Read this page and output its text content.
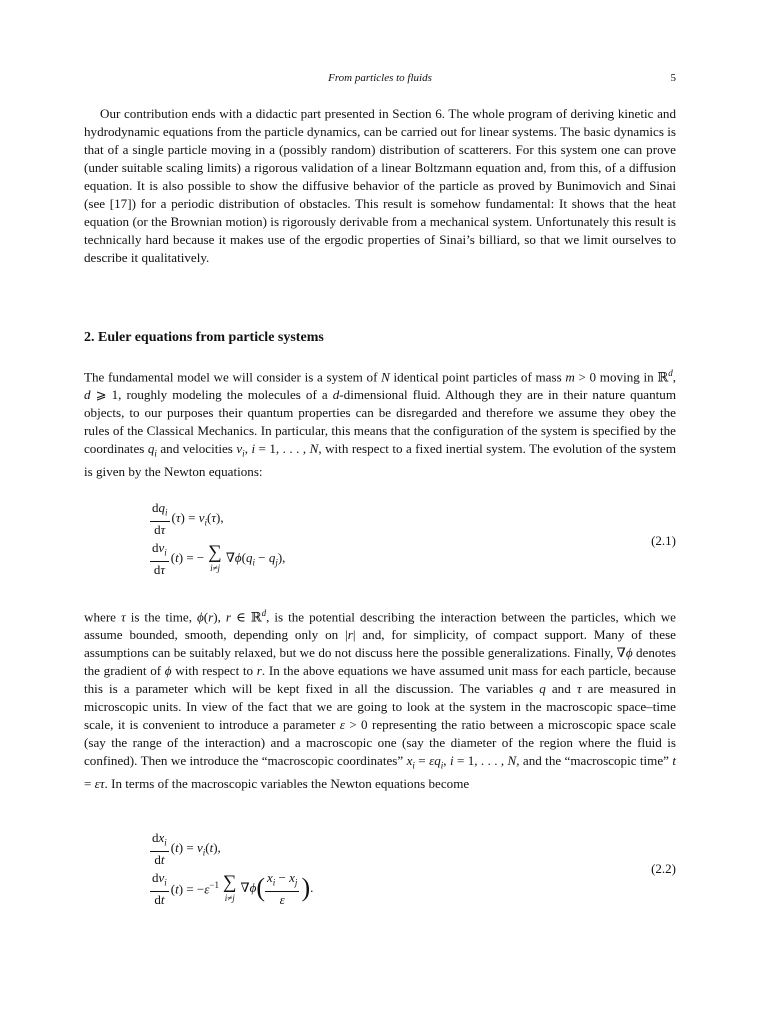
From particles to fluids	5

Our contribution ends with a didactic part presented in Section 6. The whole program of deriving kinetic and hydrodynamic equations from the particle dynamics, can be carried out for linear systems. The basic dynamics is that of a single particle moving in a (possibly random) distribution of scatterers. For this system one can prove (under suitable scaling limits) a rigorous validation of a linear Boltzmann equation and, from this, of a diffusion equation. It is also possible to show the diffusive behavior of the particle as proved by Bunimovich and Sinai (see [17]) for a periodic distribution of obstacles. This result is somehow fundamental: It shows that the heat equation (or the Brownian motion) is rigorously derivable from a mechanical system. Unfortunately this result is technically hard because it makes use of the ergodic properties of Sinai’s billiard, so that we limit ourselves to describe it qualitatively.

2. Euler equations from particle systems

The fundamental model we will consider is a system of N identical point particles of mass m > 0 moving in ℝ$^d$, d ⩾ 1, roughly modeling the molecules of a d-dimensional fluid. Although they are in their nature quantum objects, to our purposes their quantum properties can be disregarded and therefore we assume they obey the rules of the Classical Mechanics. In particular, this means that the configuration of the system is specified by the coordinates $q_i$ and velocities $v_i$, i = 1, . . . , N, with respect to a fixed inertial system. The evolution of the system is given by the Newton equations:

$\frac{dq_i}{d\tau} (\tau) = v_i(\tau)$,
$\frac{dv_i}{d\tau} (t)$ = − ∑
i≠j
$\nabla\phi(q_i - q_j)$,
(2.1)

where τ is the time, ϕ(r), r ∈ ℝ$^d$, is the potential describing the interaction between the particles, which we assume bounded, smooth, depending only on |r| and, for simplicity, of compact support. Many of these assumptions can be suitably relaxed, but we do not discuss here the possible generalizations. Finally, ∇ϕ denotes the gradient of ϕ with respect to r. In the above equations we have assumed unit mass for each particle, because this is a parameter which will be kept fixed in all the discussion. The variables q and τ are measured in microscopic units. In view of the fact that we are going to look at the system in the macroscopic space–time scale, it is convenient to introduce a parameter ε > 0 representing the ratio between a microscopic space scale (say the range of the interaction) and a macroscopic one (say the diameter of the region where the fluid is confined). Then we introduce the “macroscopic coordinates” $x_i = \varepsilon q_i$, i = 1, . . . , N, and the “macroscopic time” t = ετ. In terms of the macroscopic variables the Newton equations become

$\frac{dx_i}{dt} (t) = v_i(t)$,
$\frac{dv_i}{dt} (t) = -\varepsilon^{-1}$ ∑
i≠j
∇ϕ ( $\frac{x_i - x_j}{\varepsilon}$ ) .
(2.2)
